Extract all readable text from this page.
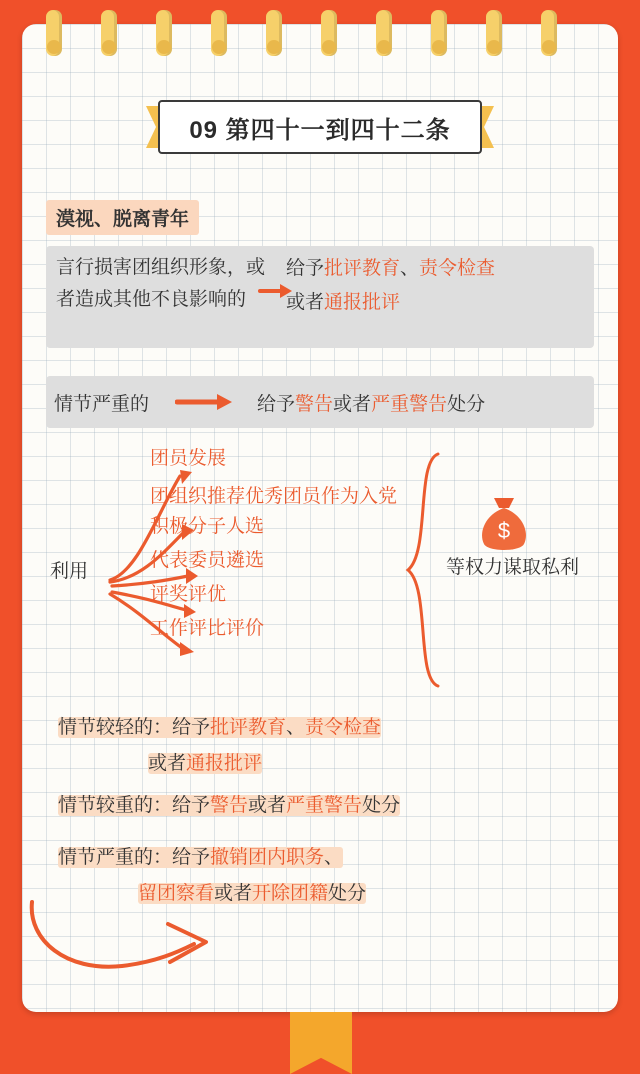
09 第四十一到四十二条
漠视、脱离青年
言行损害团组织形象，或者造成其他不良影响的
给予批评教育、责令检查
或者通报批评
情节严重的	给予警告或者严重警告处分
利用
团员发展
团组织推荐优秀团员作为入党积极分子人选
代表委员遴选
评奖评优
工作评比评价
$
等权力谋取私利
情节较轻的：给予批评教育、责令检查
或者通报批评
情节较重的：给予警告或者严重警告处分
情节严重的：给予撤销团内职务、
留团察看或者开除团籍处分
